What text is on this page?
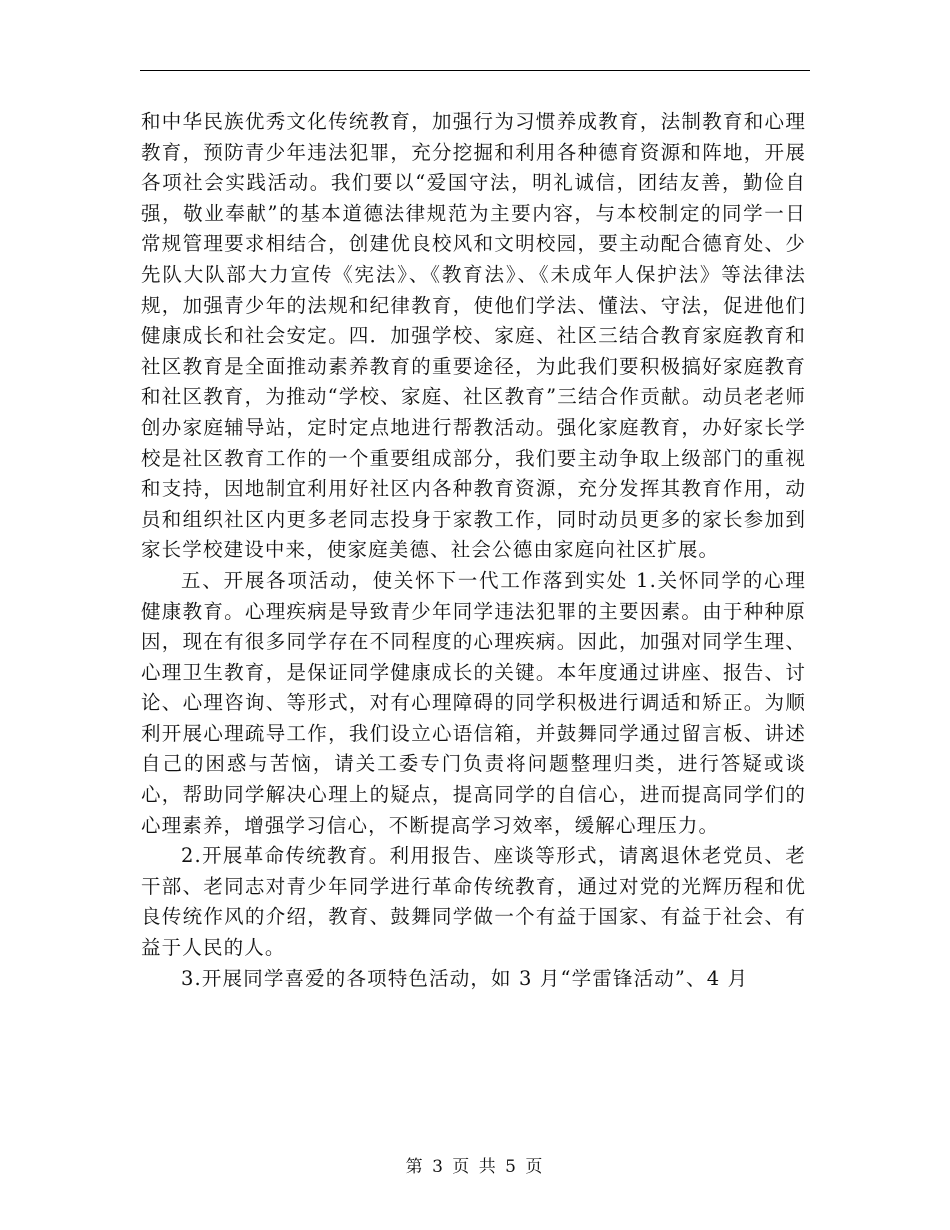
和中华民族优秀文化传统教育，加强行为习惯养成教育，法制教育和心理教育，预防青少年违法犯罪，充分挖掘和利用各种德育资源和阵地，开展各项社会实践活动。我们要以“爱国守法，明礼诚信，团结友善，勤俭自强，敬业奉献”的基本道德法律规范为主要内容，与本校制定的同学一日常规管理要求相结合，创建优良校风和文明校园，要主动配合德育处、少先队大队部大力宣传《宪法》、《教育法》、《未成年人保护法》等法律法规，加强青少年的法规和纪律教育，使他们学法、懂法、守法，促进他们健康成长和社会安定。四．加强学校、家庭、社区三结合教育家庭教育和社区教育是全面推动素养教育的重要途径，为此我们要积极搞好家庭教育和社区教育，为推动“学校、家庭、社区教育”三结合作贡献。动员老老师创办家庭辅导站，定时定点地进行帮教活动。强化家庭教育，办好家长学校是社区教育工作的一个重要组成部分，我们要主动争取上级部门的重视和支持，因地制宜利用好社区内各种教育资源，充分发挥其教育作用，动员和组织社区内更多老同志投身于家教工作，同时动员更多的家长参加到家长学校建设中来，使家庭美德、社会公德由家庭向社区扩展。

五、开展各项活动，使关怀下一代工作落到实处 1.关怀同学的心理健康教育。心理疾病是导致青少年同学违法犯罪的主要因素。由于种种原因，现在有很多同学存在不同程度的心理疾病。因此，加强对同学生理、心理卫生教育，是保证同学健康成长的关键。本年度通过讲座、报告、讨论、心理咨询、等形式，对有心理障碍的同学积极进行调适和矫正。为顺利开展心理疏导工作，我们设立心语信箱，并鼓舞同学通过留言板、讲述自己的困惑与苦恼，请关工委专门负责将问题整理归类，进行答疑或谈心，帮助同学解决心理上的疑点，提高同学的自信心，进而提高同学们的心理素养，增强学习信心，不断提高学习效率，缓解心理压力。

2.开展革命传统教育。利用报告、座谈等形式，请离退休老党员、老干部、老同志对青少年同学进行革命传统教育，通过对党的光辉历程和优良传统作风的介绍，教育、鼓舞同学做一个有益于国家、有益于社会、有益于人民的人。

3.开展同学喜爱的各项特色活动，如 3 月“学雷锋活动”、4 月

第 3 页 共 5 页
